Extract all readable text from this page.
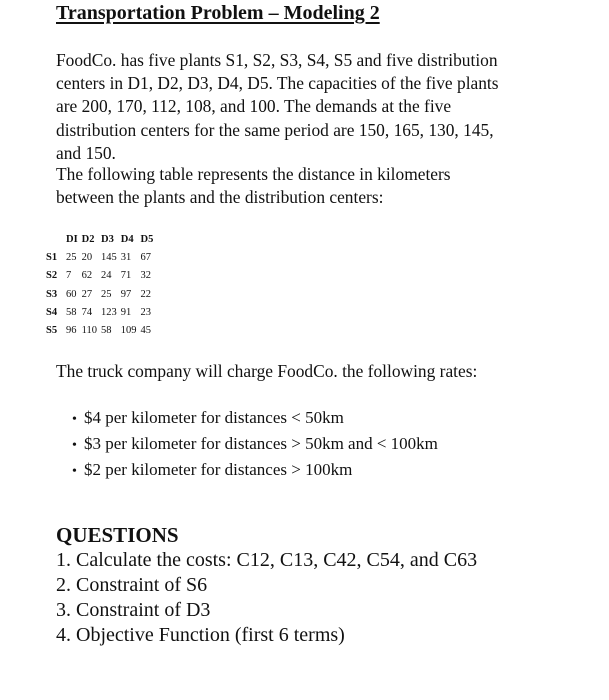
Transportation Problem – Modeling 2
FoodCo. has five plants S1, S2, S3, S4, S5 and five distribution
centers in D1, D2, D3, D4, D5. The capacities of the five plants
are 200, 170, 112, 108, and 100. The demands at the five
distribution centers for the same period are 150, 165, 130, 145,
and 150.
The following table represents the distance in kilometers
between the plants and the distribution centers:
	DI	D2	D3	D4	D5
S1	25	20	145	31	67
S2	7	62	24	71	32
S3	60	27	25	97	22
S4	58	74	123	91	23
S5	96	110	58	109	45
The truck company will charge FoodCo. the following rates:
• $4 per kilometer for distances < 50km
• $3 per kilometer for distances > 50km and < 100km
• $2 per kilometer for distances > 100km
QUESTIONS
1. Calculate the costs: C12, C13, C42, C54, and C63
2. Constraint of S6
3. Constraint of D3
4. Objective Function (first 6 terms)
